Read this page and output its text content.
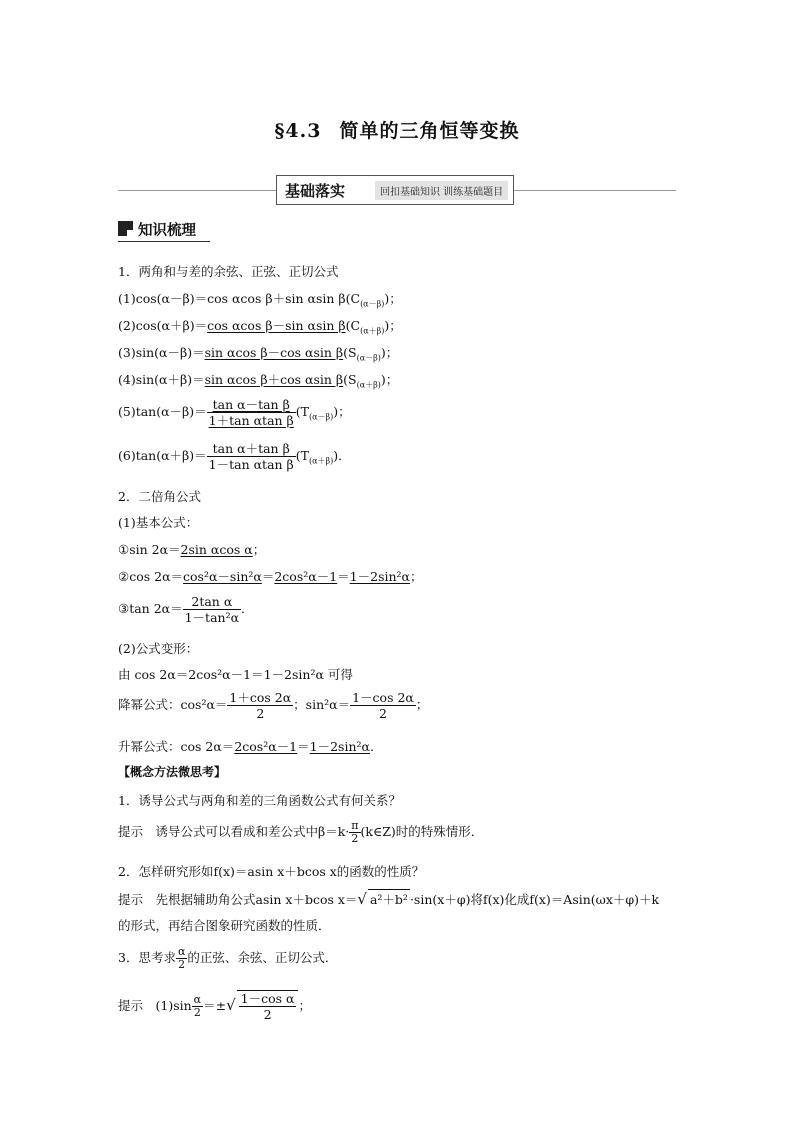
§4.3 简单的三角恒等变换
基础落实	回扣基础知识 训练基础题目
知识梳理
1．两角和与差的余弦、正弦、正切公式
(1)cos(α－β)＝cos αcos β＋sin αsin $\beta(C_{(\alpha-\beta)})$；
(2)cos(α＋β)＝cos αcos β－sin αsin $\beta(C_{(\alpha+\beta)})$；
(3)sin(α－β)＝sin αcos β－cos αsin $\beta(S_{(\alpha-\beta)})$；
(4)sin(α＋β)＝sin αcos β＋cos αsin $\beta(S_{(\alpha+\beta)})$；
$(5)\tan(\alpha-\beta)= \frac{\text{tan α－tan β}}{\text{1＋tan αtan β}} (T_{(\alpha-\beta)})$；
$(6)\tan(\alpha+\beta)= \frac{\text{tan α＋tan β}}{\text{1－tan αtan β}} (T_{(\alpha+\beta)})$．
2．二倍角公式
(1)基本公式：
①sin 2α＝2sin αcos α；
②cos 2α＝cos²α－sin²α＝2cos²α－1＝1－2sin²α；
③tan $2\alpha= \frac{\text{2tan α}}{\text{1－tan²α}}$ ．
(2)公式变形：
由 cos 2α＝2cos²α－1＝1－2sin²α 可得
降幂公式：$\cos^2\alpha= \frac{1+\cos 2\alpha}{2}$ ；$\sin^2\alpha= \frac{1-\cos 2\alpha}{2}$ ；
升幂公式：cos 2α＝2cos²α－1＝1－2sin²α.
【概念方法微思考】
1．诱导公式与两角和差的三角函数公式有何关系？
提示　诱导公式可以看成和差公式中$\beta=k\cdot \frac{\pi}{2}$ (k∈Z)时的特殊情形．
2．怎样研究形如f(x)＝asin x＋bcos x的函数的性质？
提示　先根据辅助角公式asin x＋bcos x＝√ a²＋b² ·sin(x＋φ)将f(x)化成f(x)＝Asin(ωx＋φ)＋k
的形式，再结合图象研究函数的性质．
3．思考求 $\frac{\alpha}{2}$ 的正弦、余弦、正切公式．
提示　$(1)\sin \frac{\alpha}{2}$ ＝±√ $\frac{\text{1－cos α}}{2}$ ；
